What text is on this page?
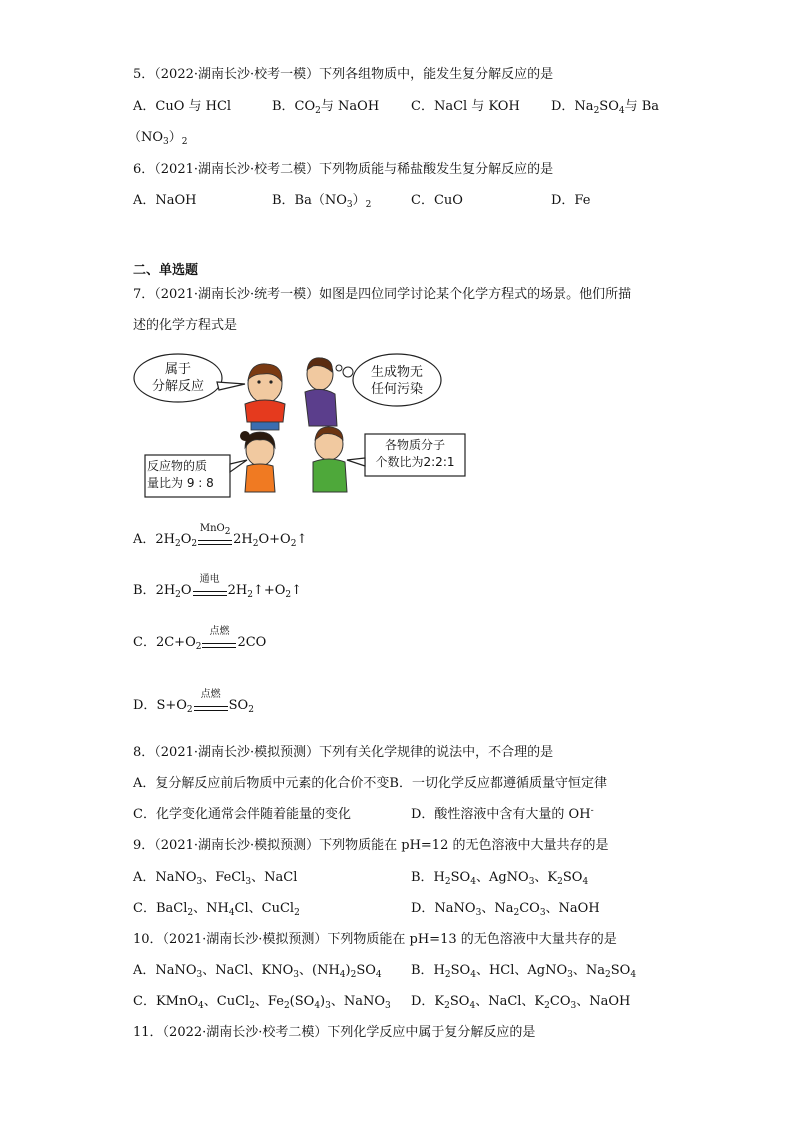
5．（2022·湖南长沙·校考一模）下列各组物质中，能发生复分解反应的是
A．CuO 与 HCl	B．$CO_2$与 NaOH C．NaCl 与 KOH D．$Na_2SO_4$与 Ba
$(NO_3)_2$
6．（2021·湖南长沙·校考二模）下列物质能与稀盐酸发生复分解反应的是
A．NaOH	B．$Ba(NO_3)_2$	C．CuO	D．Fe
二、单选题
7．（2021·湖南长沙·统考一模）如图是四位同学讨论某个化学方程式的场景。他们所描
述的化学方程式是
属于
分解反应
生成物无
任何污染
各物质分子
个数比为2:2:1
反应物的质
量比为 9 : 8
A．$2H_2O_2$
MnO$_2$ $2H_2O+O_2↑$
B．$2H_2O$
通电
$2H_2↑+O_2↑$
C．$2C+O_2$
点燃
2CO
D．$S+O_2$
点燃
$SO_2$
8．（2021·湖南长沙·模拟预测）下列有关化学规律的说法中，不合理的是
A．复分解反应前后物质中元素的化合价不变B．一切化学反应都遵循质量守恒定律
C．化学变化通常会伴随着能量的变化	D．酸性溶液中含有大量的 OH-
9．（2021·湖南长沙·模拟预测）下列物质能在 pH=12 的无色溶液中大量共存的是
A．NaNO$_3$、FeCl$_3$、NaCl	B．$H_2SO_4$、AgNO$_3$、$K_2SO_4$
C．BaCl$_2$、$NH_4Cl$、CuCl$_2$	D．NaNO$_3$、$Na_2CO_3$、NaOH
10．（2021·湖南长沙·模拟预测）下列物质能在 pH=13 的无色溶液中大量共存的是
A．NaNO$_3$、NaCl、$KNO_3$、$(NH_4)_2SO_4$ B．$H_2SO_4$、HCl、AgNO$_3$、$Na_2SO_4$
C．KMnO$_4$、CuCl$_2$、$Fe_2(SO_4)_3$、NaNO$_3$ D．$K_2SO_4$、NaCl、$K_2CO_3$、NaOH
11．（2022·湖南长沙·校考二模）下列化学反应中属于复分解反应的是
